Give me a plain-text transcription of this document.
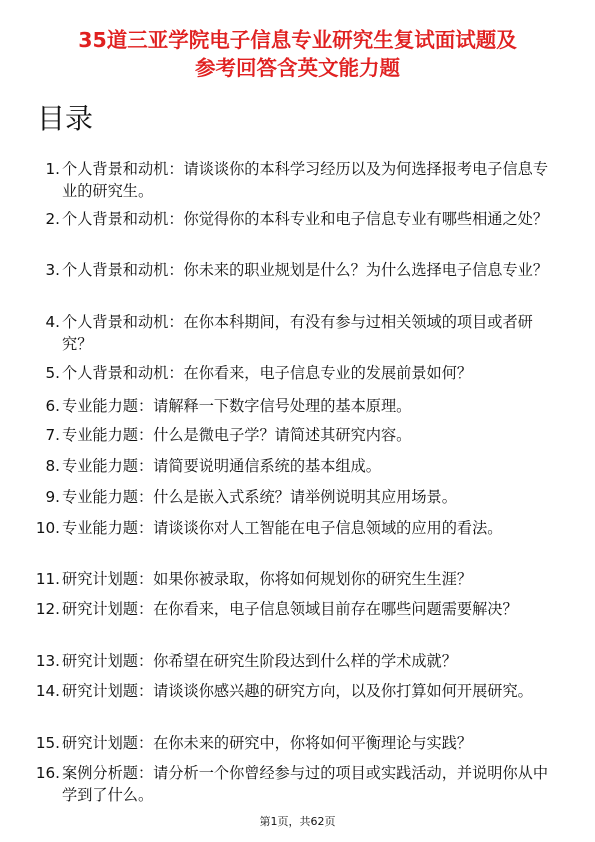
35道三亚学院电子信息专业研究生复试面试题及
参考回答含英文能力题
目录
1. 个人背景和动机：请谈谈你的本科学习经历以及为何选择报考电子信息专业的研究生。
2. 个人背景和动机：你觉得你的本科专业和电子信息专业有哪些相通之处？
3. 个人背景和动机：你未来的职业规划是什么？为什么选择电子信息专业？
4. 个人背景和动机：在你本科期间，有没有参与过相关领域的项目或者研究？
5. 个人背景和动机：在你看来，电子信息专业的发展前景如何？
6. 专业能力题：请解释一下数字信号处理的基本原理。
7. 专业能力题：什么是微电子学？请简述其研究内容。
8. 专业能力题：请简要说明通信系统的基本组成。
9. 专业能力题：什么是嵌入式系统？请举例说明其应用场景。
10. 专业能力题：请谈谈你对人工智能在电子信息领域的应用的看法。
11. 研究计划题：如果你被录取，你将如何规划你的研究生生涯？
12. 研究计划题：在你看来，电子信息领域目前存在哪些问题需要解决？
13. 研究计划题：你希望在研究生阶段达到什么样的学术成就？
14. 研究计划题：请谈谈你感兴趣的研究方向，以及你打算如何开展研究。
15. 研究计划题：在你未来的研究中，你将如何平衡理论与实践？
16. 案例分析题：请分析一个你曾经参与过的项目或实践活动，并说明你从中学到了什么。
第1页，共62页
